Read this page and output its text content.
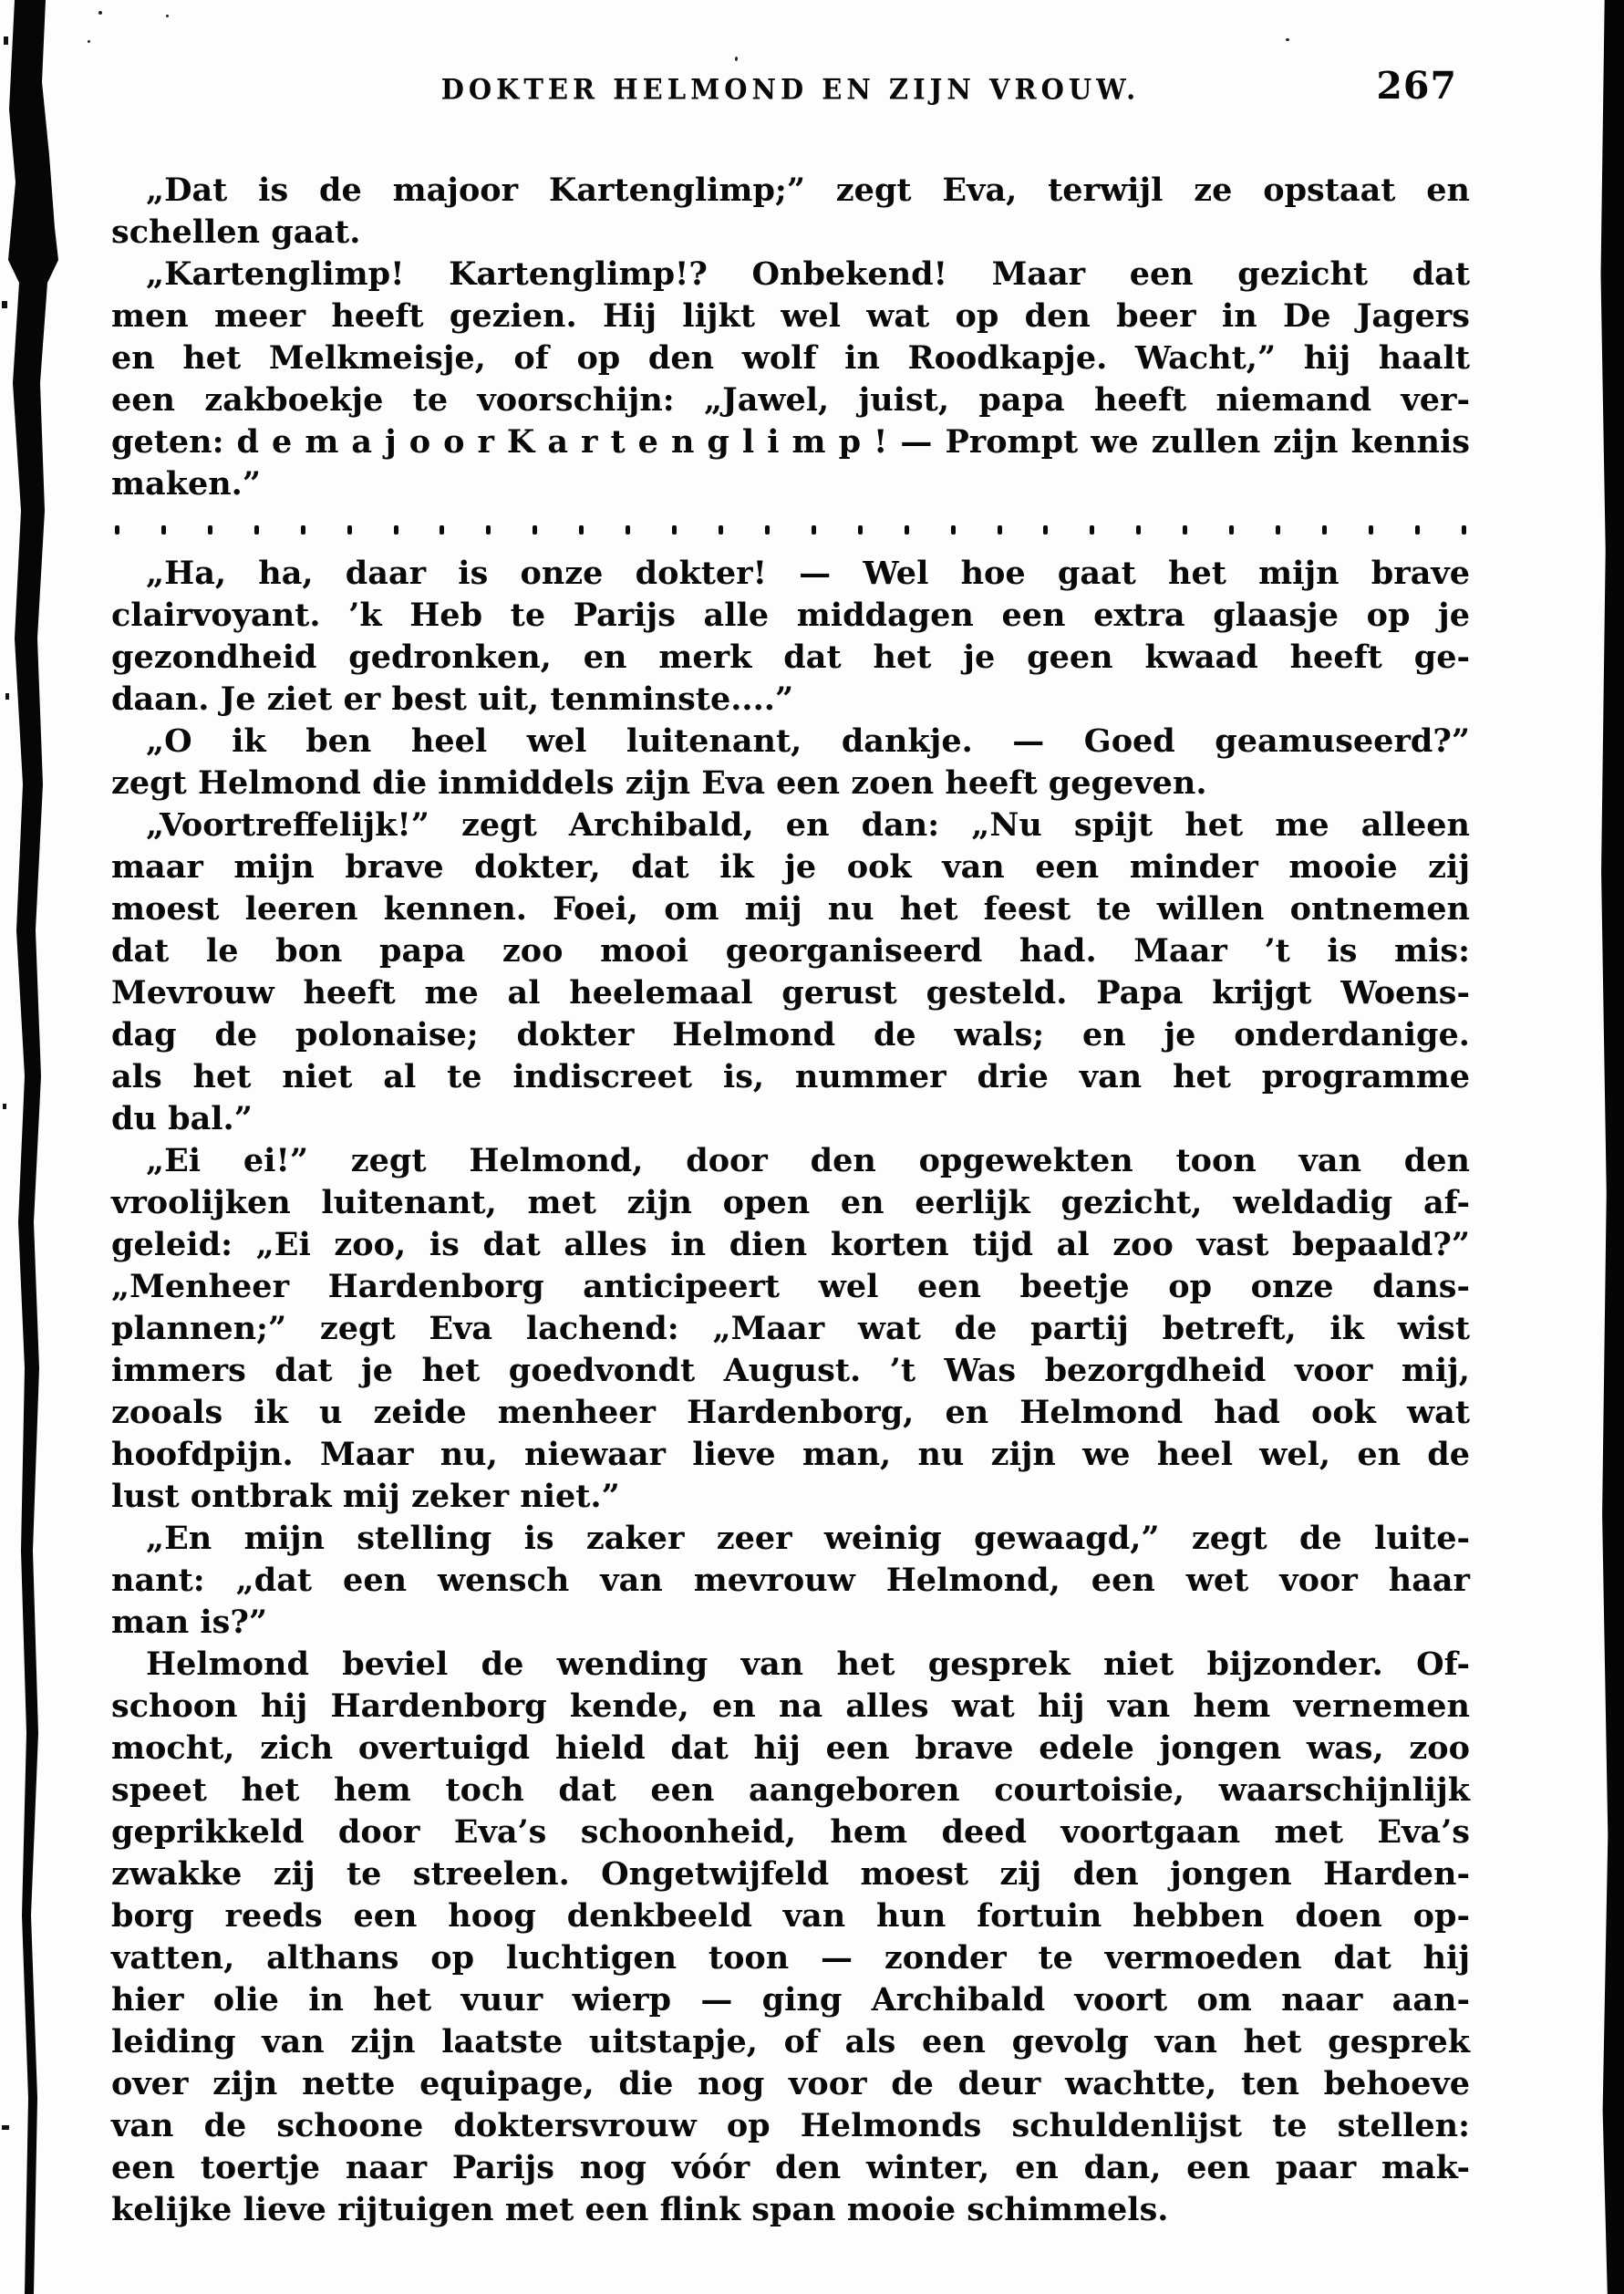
DOKTER HELMOND EN ZIJN VROUW.	267
„Dat is de majoor Kartenglimp;” zegt Eva, terwijl ze opstaat en
schellen gaat.
„Kartenglimp! Kartenglimp!? Onbekend! Maar een gezicht dat
men meer heeft gezien. Hij lijkt wel wat op den beer in De Jagers
en het Melkmeisje, of op den wolf in Roodkapje. Wacht,” hij haalt
een zakboekje te voorschijn: „Jawel, juist, papa heeft niemand ver-
geten: d e m a j o o r K a r t e n g l i m p ! — Prompt we zullen zijn kennis
maken.”
„Ha, ha, daar is onze dokter! — Wel hoe gaat het mijn brave
clairvoyant. ’k Heb te Parijs alle middagen een extra glaasje op je
gezondheid gedronken, en merk dat het je geen kwaad heeft ge-
daan. Je ziet er best uit, tenminste....”
„O ik ben heel wel luitenant, dankje. — Goed geamuseerd?”
zegt Helmond die inmiddels zijn Eva een zoen heeft gegeven.
„Voortreffelijk!” zegt Archibald, en dan: „Nu spijt het me alleen
maar mijn brave dokter, dat ik je ook van een minder mooie zij
moest leeren kennen. Foei, om mij nu het feest te willen ontnemen
dat le bon papa zoo mooi georganiseerd had. Maar ’t is mis:
Mevrouw heeft me al heelemaal gerust gesteld. Papa krijgt Woens-
dag de polonaise; dokter Helmond de wals; en je onderdanige.
als het niet al te indiscreet is, nummer drie van het programme
du bal.”
„Ei ei!” zegt Helmond, door den opgewekten toon van den
vroolijken luitenant, met zijn open en eerlijk gezicht, weldadig af-
geleid: „Ei zoo, is dat alles in dien korten tijd al zoo vast bepaald?”
„Menheer Hardenborg anticipeert wel een beetje op onze dans-
plannen;” zegt Eva lachend: „Maar wat de partij betreft, ik wist
immers dat je het goedvondt August. ’t Was bezorgdheid voor mij,
zooals ik u zeide menheer Hardenborg, en Helmond had ook wat
hoofdpijn. Maar nu, niewaar lieve man, nu zijn we heel wel, en de
lust ontbrak mij zeker niet.”
„En mijn stelling is zaker zeer weinig gewaagd,” zegt de luite-
nant: „dat een wensch van mevrouw Helmond, een wet voor haar
man is?”
Helmond beviel de wending van het gesprek niet bijzonder. Of-
schoon hij Hardenborg kende, en na alles wat hij van hem vernemen
mocht, zich overtuigd hield dat hij een brave edele jongen was, zoo
speet het hem toch dat een aangeboren courtoisie, waarschijnlijk
geprikkeld door Eva’s schoonheid, hem deed voortgaan met Eva’s
zwakke zij te streelen. Ongetwijfeld moest zij den jongen Harden-
borg reeds een hoog denkbeeld van hun fortuin hebben doen op-
vatten, althans op luchtigen toon — zonder te vermoeden dat hij
hier olie in het vuur wierp — ging Archibald voort om naar aan-
leiding van zijn laatste uitstapje, of als een gevolg van het gesprek
over zijn nette equipage, die nog voor de deur wachtte, ten behoeve
van de schoone doktersvrouw op Helmonds schuldenlijst te stellen:
een toertje naar Parijs nog vóór den winter, en dan, een paar mak-
kelijke lieve rijtuigen met een flink span mooie schimmels.
